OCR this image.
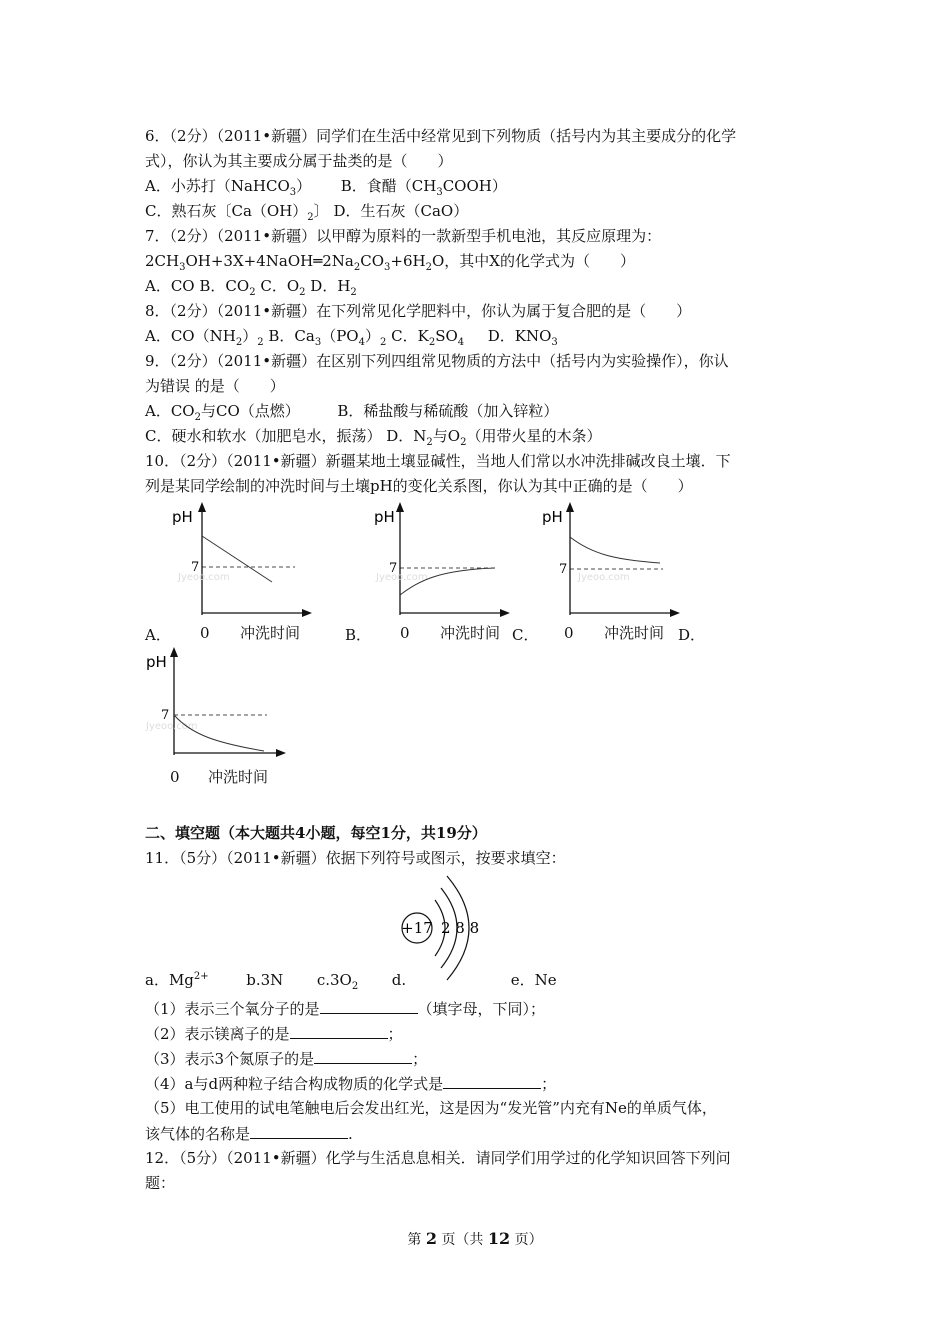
6．（2分）（2011•新疆）同学们在生活中经常见到下列物质（括号内为其主要成分的化学
式），你认为其主要成分属于盐类的是（　　）
A．小苏打（NaHCO$_3$） B．食醋$(CH_3COOH)$
C．熟石灰〔$Ca(OH)_2$〕 D．生石灰（CaO）
7．（2分）（2011•新疆）以甲醇为原料的一款新型手机电池，其反应原理为：
$2CH_3OH+3X+4NaOH═2Na_2CO_3+6H_2O$，其中X的化学式为（　　）
A．CO B．$CO_2$ C．$O_2$ D．$H_2$
8．（2分）（2011•新疆）在下列常见化学肥料中，你认为属于复合肥的是（　　）
A．$CO(NH_2)_2$ B．$Ca_3(PO_4)_2$ C．$K_2SO_4$ D．$KNO_3$
9．（2分）（2011•新疆）在区别下列四组常见物质的方法中（括号内为实验操作），你认
为错误 的是（　　）
A．$CO_2$与CO（点燃）	B．稀盐酸与稀硫酸（加入锌粒）
C．硬水和软水（加肥皂水，振荡） D．$N_2$与$O_2$（用带火星的木条）
10．（2分）（2011•新疆）新疆某地土壤显碱性，当地人们常以水冲洗排碱改良土壤．下
列是某同学绘制的冲洗时间与土壤pH的变化关系图，你认为其中正确的是（　　）
pH
7
Jyeoo.com
A． 0 冲洗时间
pH
7
Jyeoo.com
B． 0 冲洗时间 C．
pH
7
Jyeoo.com
0 冲洗时间 D．
pH
7
Jyeoo.com
0 冲洗时间
二、填空题（本大题共4小题，每空1分，共19分）
11．（5分）（2011•新疆）依据下列符号或图示，按要求填空：
+17 2 8 8
a．$Mg^{2+}$	b.3N $c.3O_2$ d.	e．Ne
（1）表示三个氧分子的是	（填字母，下同）；
（2）表示镁离子的是	；
（3）表示3个氮原子的是	；
（4）a与d两种粒子结合构成物质的化学式是	；
（5）电工使用的试电笔触电后会发出红光，这是因为“发光管”内充有Ne的单质气体，
该气体的名称是	.
12．（5分）（2011•新疆）化学与生活息息相关．请同学们用学过的化学知识回答下列问
题：
第 2 页（共 12 页）
